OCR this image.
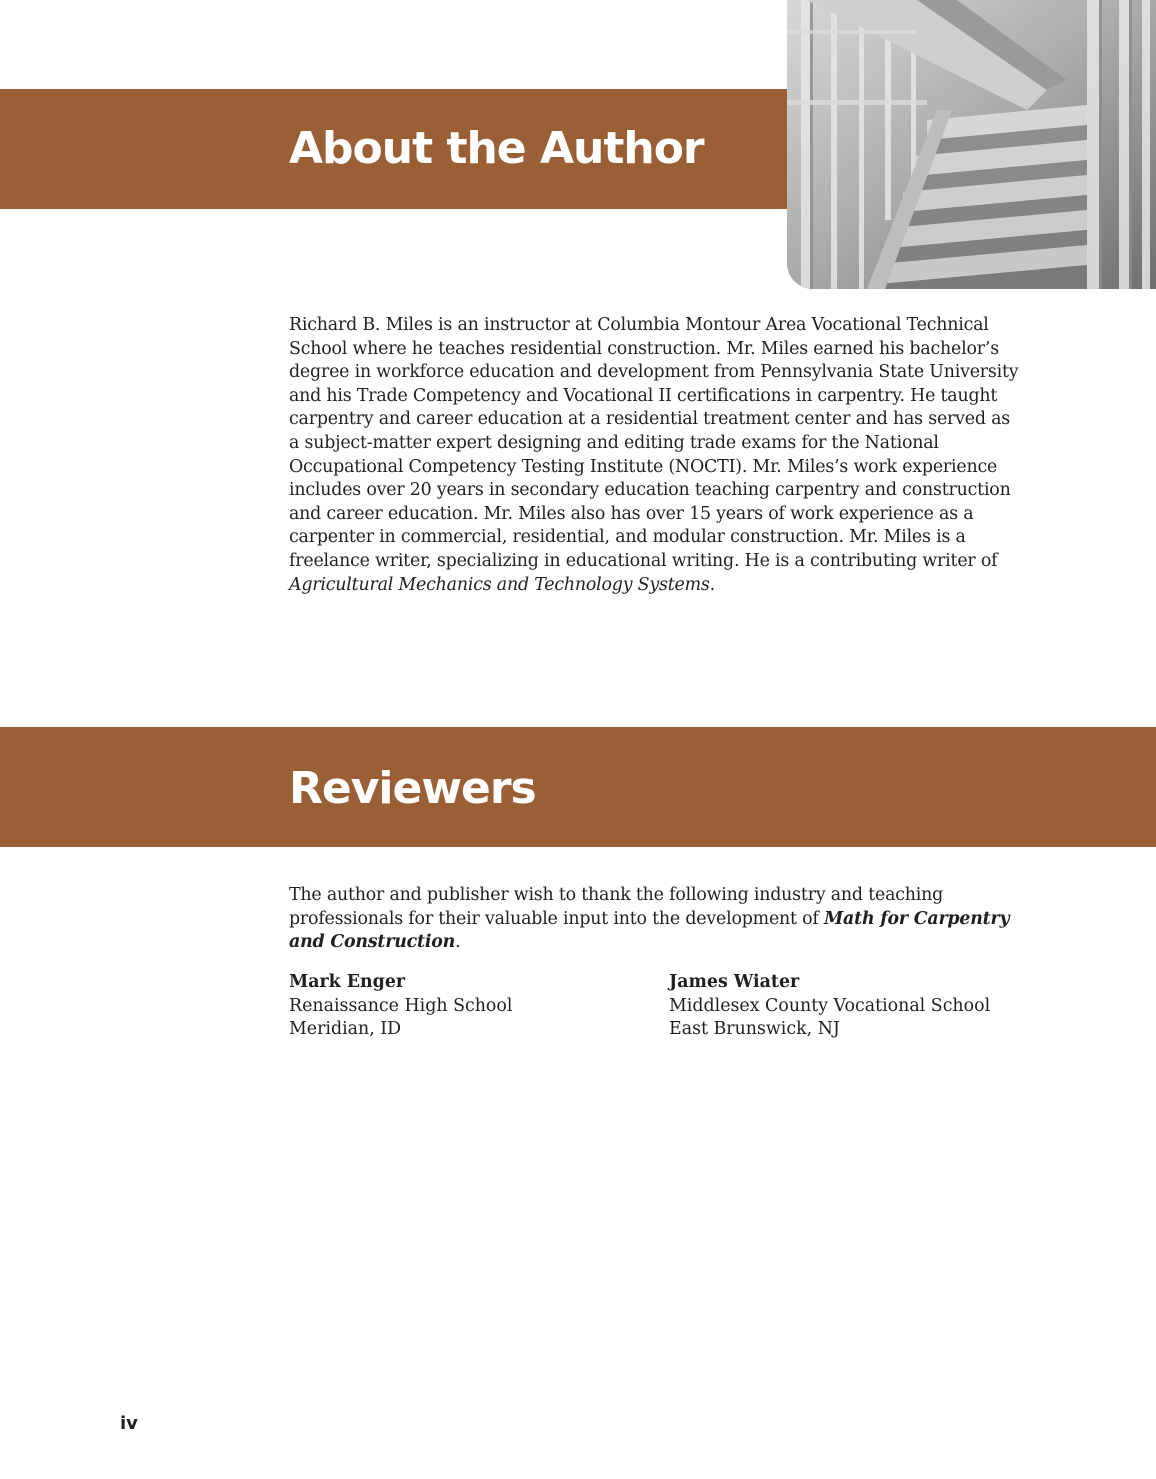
About the Author

Richard B. Miles is an instructor at Columbia Montour Area Vocational Technical School where he teaches residential construction. Mr. Miles earned his bachelor’s degree in workforce education and development from Pennsylvania State University and his Trade Competency and Vocational II certifications in carpentry. He taught carpentry and career education at a residential treatment center and has served as a subject-matter expert designing and editing trade exams for the National Occupational Competency Testing Institute (NOCTI). Mr. Miles’s work experience includes over 20 years in secondary education teaching carpentry and construction and career education. Mr. Miles also has over 15 years of work experience as a carpenter in commercial, residential, and modular construction. Mr. Miles is a freelance writer, specializing in educational writing. He is a contributing writer of Agricultural Mechanics and Technology Systems.

Reviewers

The author and publisher wish to thank the following industry and teaching professionals for their valuable input into the development of Math for Carpentry and Construction.

Mark Enger
Renaissance High School
Meridian, ID
James Wiater
Middlesex County Vocational School
East Brunswick, NJ
iv
